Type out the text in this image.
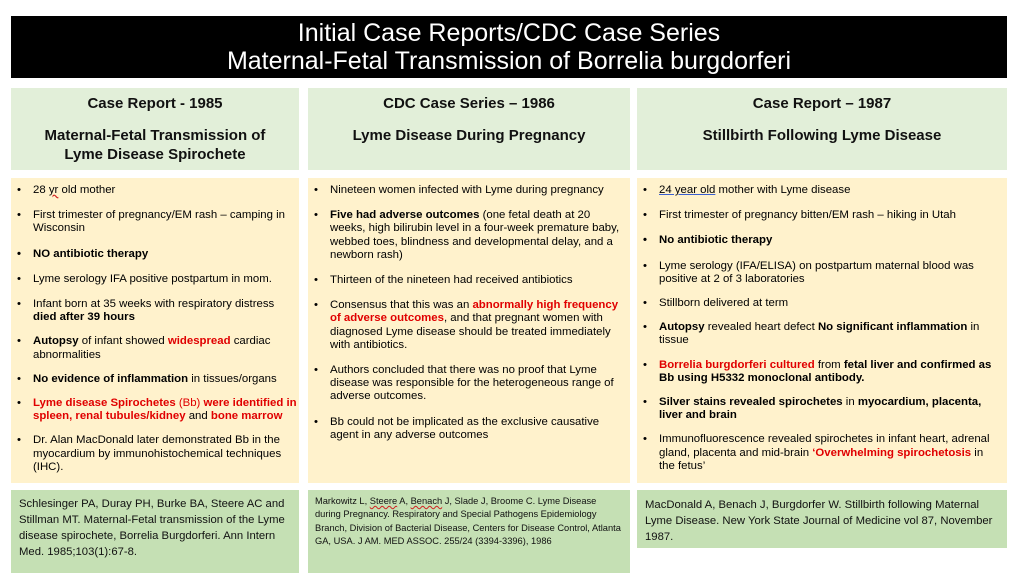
Initial Case Reports/CDC Case Series
Maternal-Fetal Transmission of Borrelia burgdorferi
Case Report - 1985
Maternal-Fetal Transmission of
Lyme Disease Spirochete
• 28 yr old mother
• First trimester of pregnancy/EM rash – camping in Wisconsin
• NO antibiotic therapy
• Lyme serology IFA positive postpartum in mom.
• Infant born at 35 weeks with respiratory distress died after 39 hours
• Autopsy of infant showed widespread cardiac abnormalities
• No evidence of inflammation in tissues/organs
• Lyme disease Spirochetes (Bb) were identified in spleen, renal tubules/kidney and bone marrow
• Dr. Alan MacDonald later demonstrated Bb in the myocardium by immunohistochemical techniques (IHC).
Schlesinger PA, Duray PH, Burke BA, Steere AC and Stillman MT. Maternal-Fetal transmission of the Lyme disease spirochete, Borrelia Burgdorferi. Ann Intern Med. 1985;103(1):67-8.
CDC Case Series – 1986
Lyme Disease During Pregnancy
• Nineteen women infected with Lyme during pregnancy
• Five had adverse outcomes (one fetal death at 20 weeks, high bilirubin level in a four-week premature baby, webbed toes, blindness and developmental delay, and a newborn rash)
• Thirteen of the nineteen had received antibiotics
• Consensus that this was an abnormally high frequency of adverse outcomes, and that pregnant women with diagnosed Lyme disease should be treated immediately with antibiotics.
• Authors concluded that there was no proof that Lyme disease was responsible for the heterogeneous range of adverse outcomes.
• Bb could not be implicated as the exclusive causative agent in any adverse outcomes
Markowitz L, Steere A, Benach J, Slade J, Broome C. Lyme Disease during Pregnancy. Respiratory and Special Pathogens Epidemiology Branch, Division of Bacterial Disease, Centers for Disease Control, Atlanta GA, USA. J AM. MED ASSOC. 255/24 (3394-3396), 1986
Case Report – 1987
Stillbirth Following Lyme Disease
• 24 year old mother with Lyme disease
• First trimester of pregnancy bitten/EM rash – hiking in Utah
• No antibiotic therapy
• Lyme serology (IFA/ELISA) on postpartum maternal blood was positive at 2 of 3 laboratories
• Stillborn delivered at term
• Autopsy revealed heart defect No significant inflammation in tissue
• Borrelia burgdorferi cultured from fetal liver and confirmed as Bb using H5332 monoclonal antibody.
• Silver stains revealed spirochetes in myocardium, placenta, liver and brain
• Immunofluorescence revealed spirochetes in infant heart, adrenal gland, placenta and mid-brain ‘Overwhelming spirochetosis in the fetus’
MacDonald A, Benach J, Burgdorfer W. Stillbirth following Maternal Lyme Disease. New York State Journal of Medicine vol 87, November 1987.
